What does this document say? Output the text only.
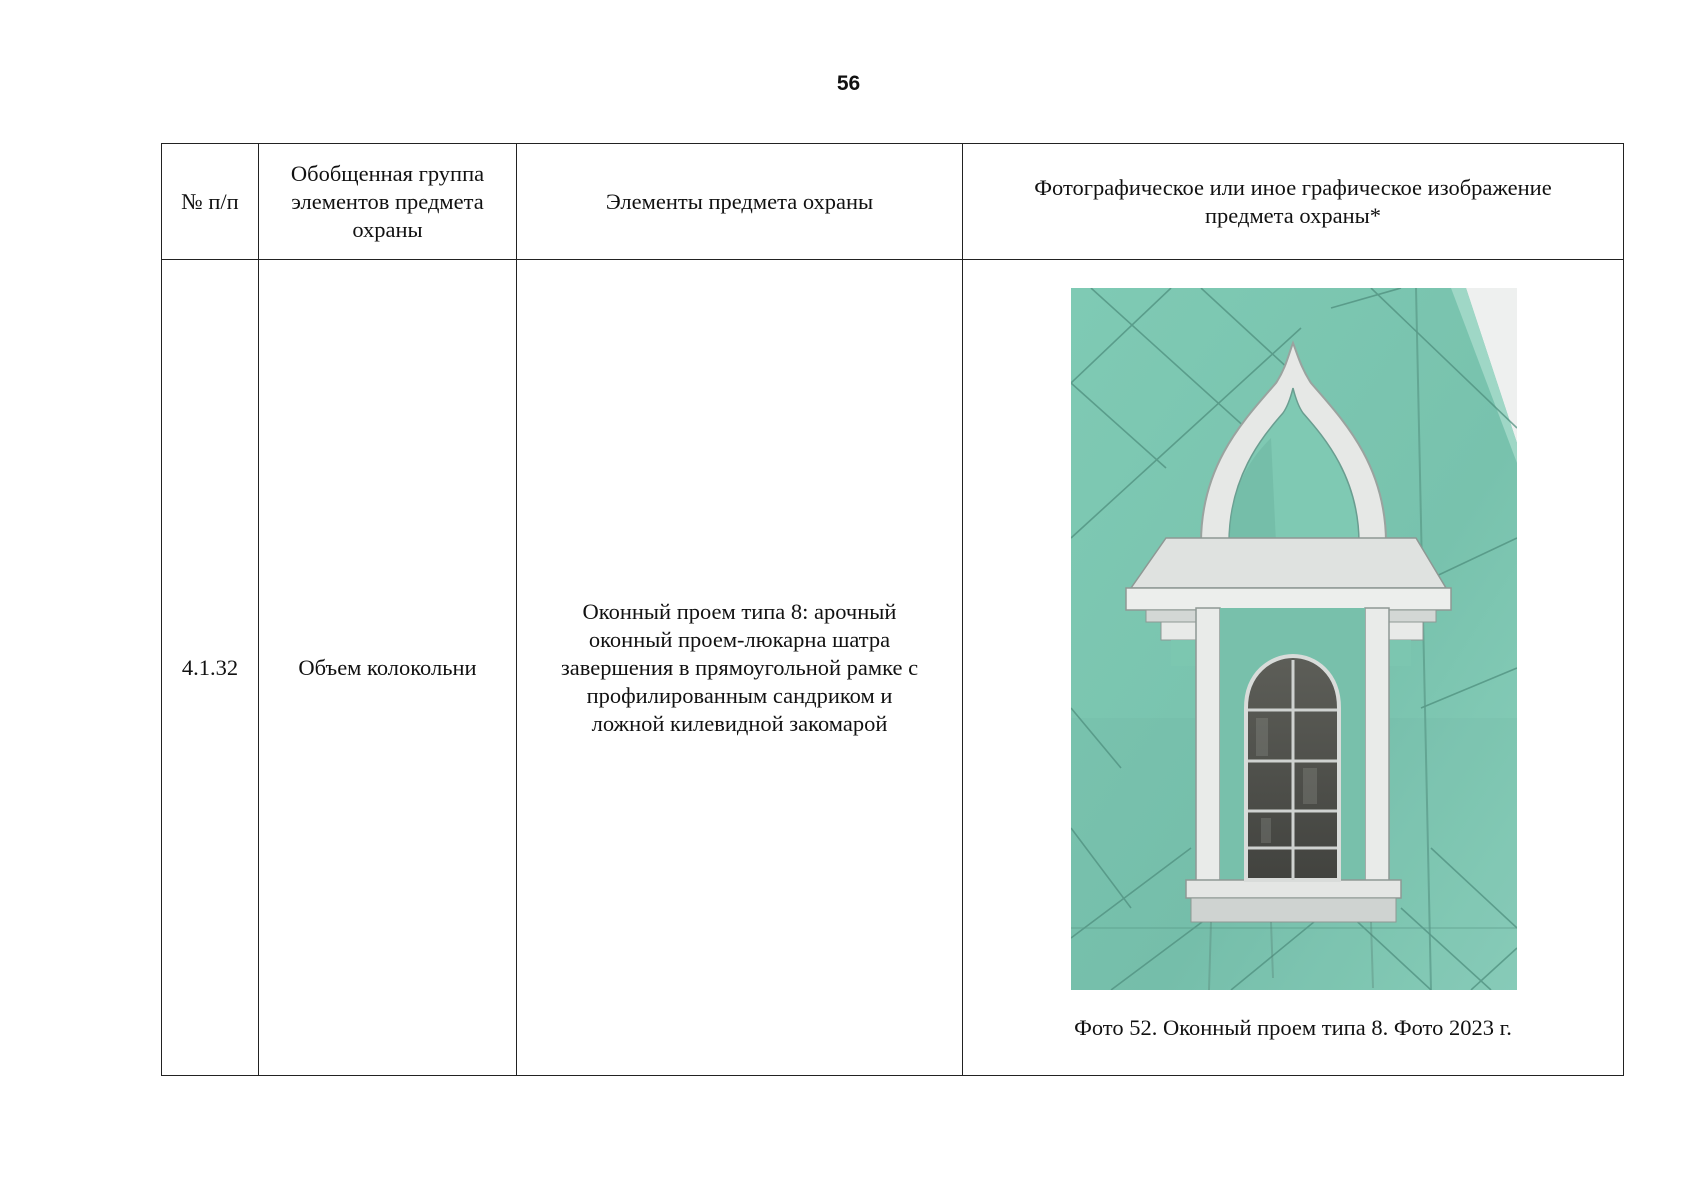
56
№ п/п	Обобщенная группа элементов предмета охраны	Элементы предмета охраны	Фотографическое или иное графическое изображение предмета охраны*
4.1.32	Объем колокольни	Оконный проем типа 8: арочный оконный проем-люкарна шатра завершения в прямоугольной рамке с профилированным сандриком и ложной килевидной закомарой	Фото 52. Оконный проем типа 8. Фото 2023 г.
